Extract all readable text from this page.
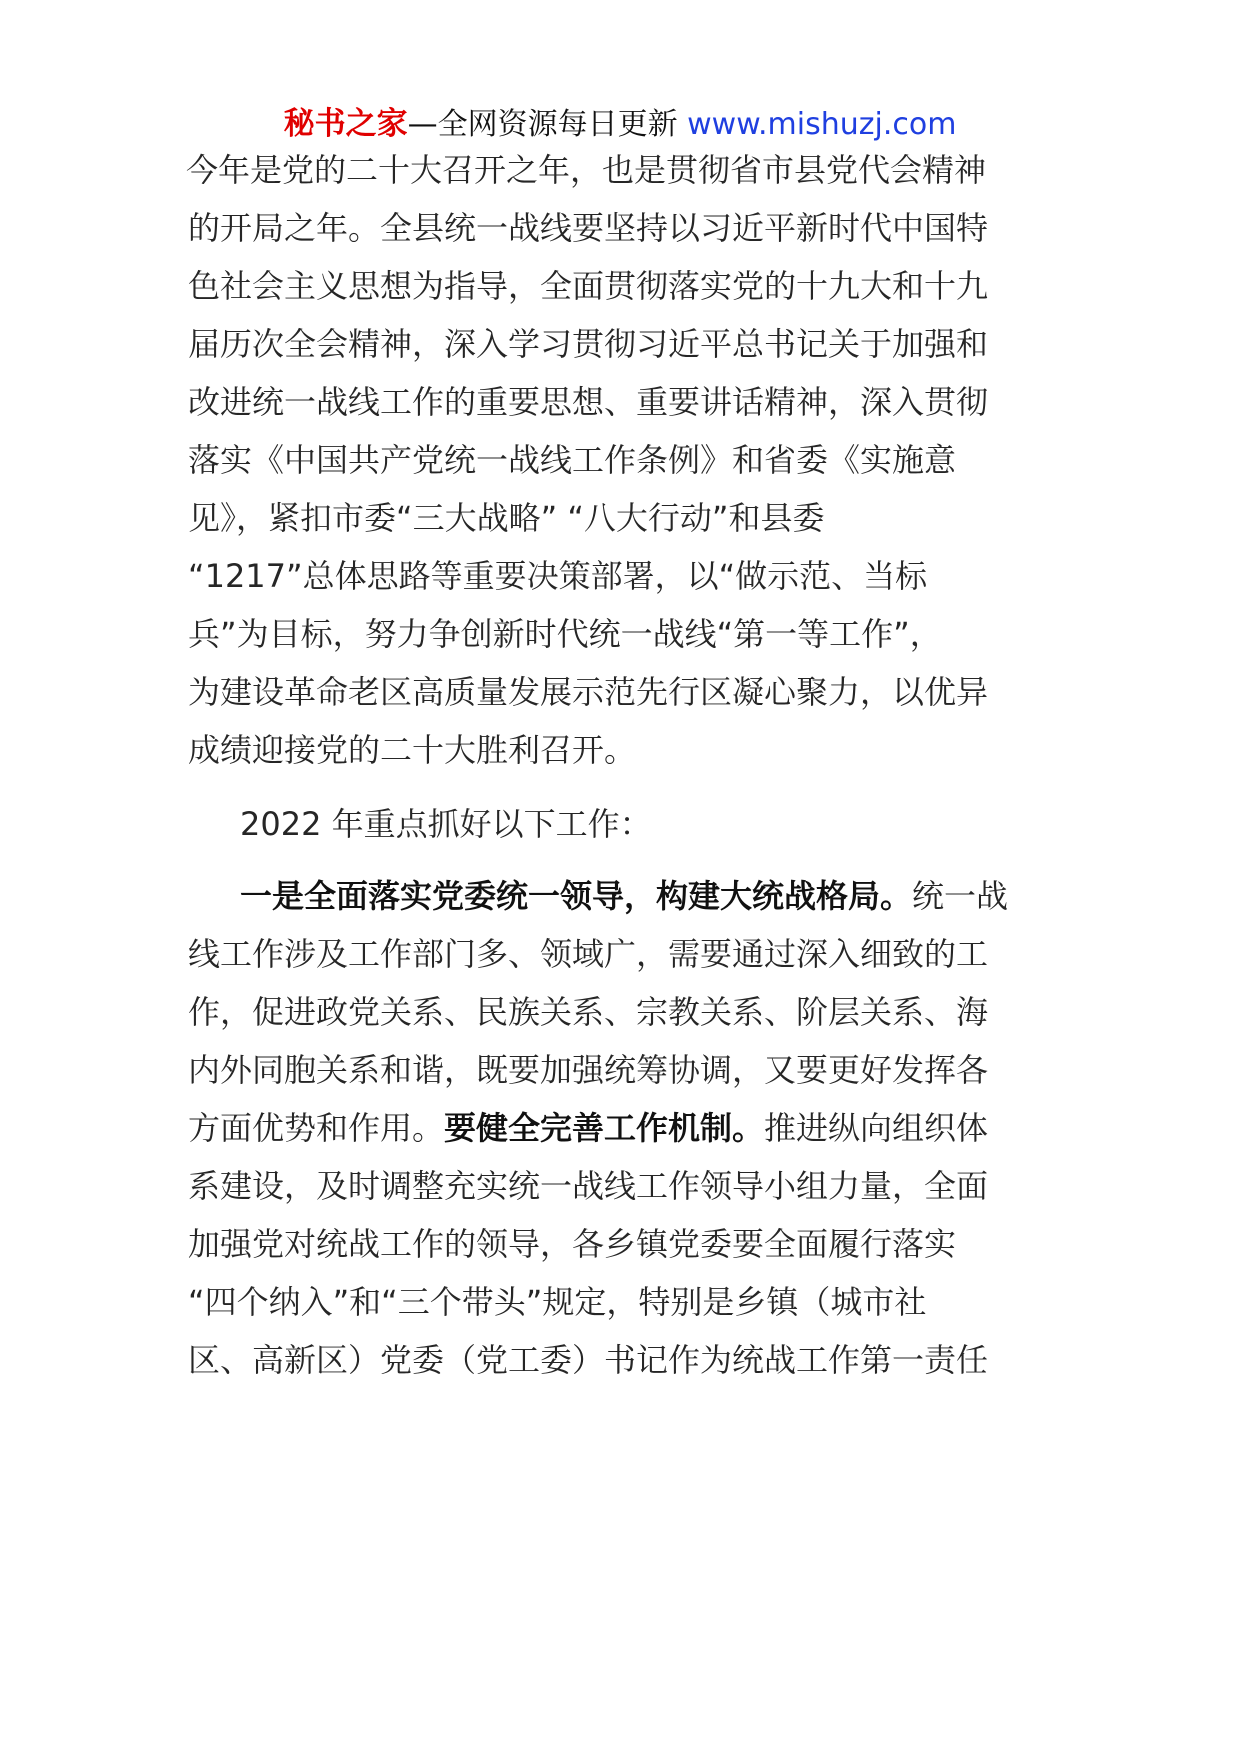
秘书之家—全网资源每日更新 www.mishuzj.com
今年是党的二十大召开之年，也是贯彻省市县党代会精神
的开局之年。全县统一战线要坚持以习近平新时代中国特
色社会主义思想为指导，全面贯彻落实党的十九大和十九
届历次全会精神，深入学习贯彻习近平总书记关于加强和
改进统一战线工作的重要思想、重要讲话精神，深入贯彻
落实《中国共产党统一战线工作条例》和省委《实施意
见》，紧扣市委“三大战略” “八大行动”和县委
“1217”总体思路等重要决策部署，以“做示范、当标
兵”为目标，努力争创新时代统一战线“第一等工作”，
为建设革命老区高质量发展示范先行区凝心聚力，以优异
成绩迎接党的二十大胜利召开。
2022 年重点抓好以下工作：
一是全面落实党委统一领导，构建大统战格局。统一战
线工作涉及工作部门多、领域广，需要通过深入细致的工
作，促进政党关系、民族关系、宗教关系、阶层关系、海
内外同胞关系和谐，既要加强统筹协调，又要更好发挥各
方面优势和作用。要健全完善工作机制。推进纵向组织体
系建设，及时调整充实统一战线工作领导小组力量，全面
加强党对统战工作的领导，各乡镇党委要全面履行落实
“四个纳入”和“三个带头”规定，特别是乡镇（城市社
区、高新区）党委（党工委）书记作为统战工作第一责任
